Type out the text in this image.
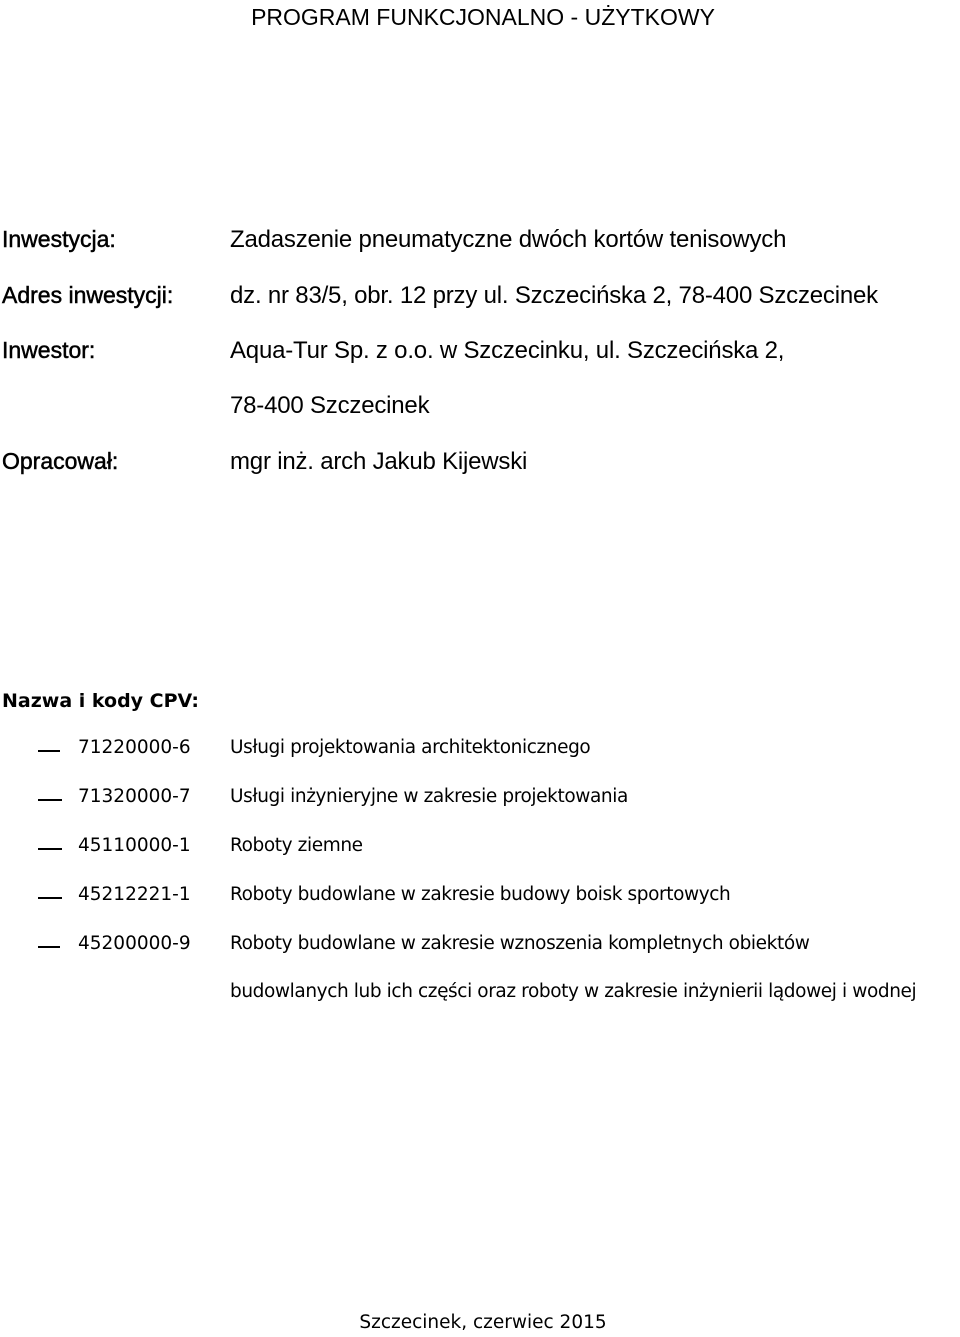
PROGRAM FUNKCJONALNO - UŻYTKOWY
Inwestycja:	Zadaszenie pneumatyczne dwóch kortów tenisowych
Adres inwestycji: dz. nr 83/5, obr. 12 przy ul. Szczecińska 2, 78-400 Szczecinek
Inwestor:	Aqua-Tur Sp. z o.o. w Szczecinku, ul. Szczecińska 2,
78-400 Szczecinek
Opracował:	mgr inż. arch Jakub Kijewski
Nazwa i kody CPV:
71220000-6 Usługi projektowania architektonicznego
71320000-7 Usługi inżynieryjne w zakresie projektowania
45110000-1 Roboty ziemne
45212221-1 Roboty budowlane w zakresie budowy boisk sportowych
45200000-9 Roboty budowlane w zakresie wznoszenia kompletnych obiektów
budowlanych lub ich części oraz roboty w zakresie inżynierii lądowej i wodnej
Szczecinek, czerwiec 2015
